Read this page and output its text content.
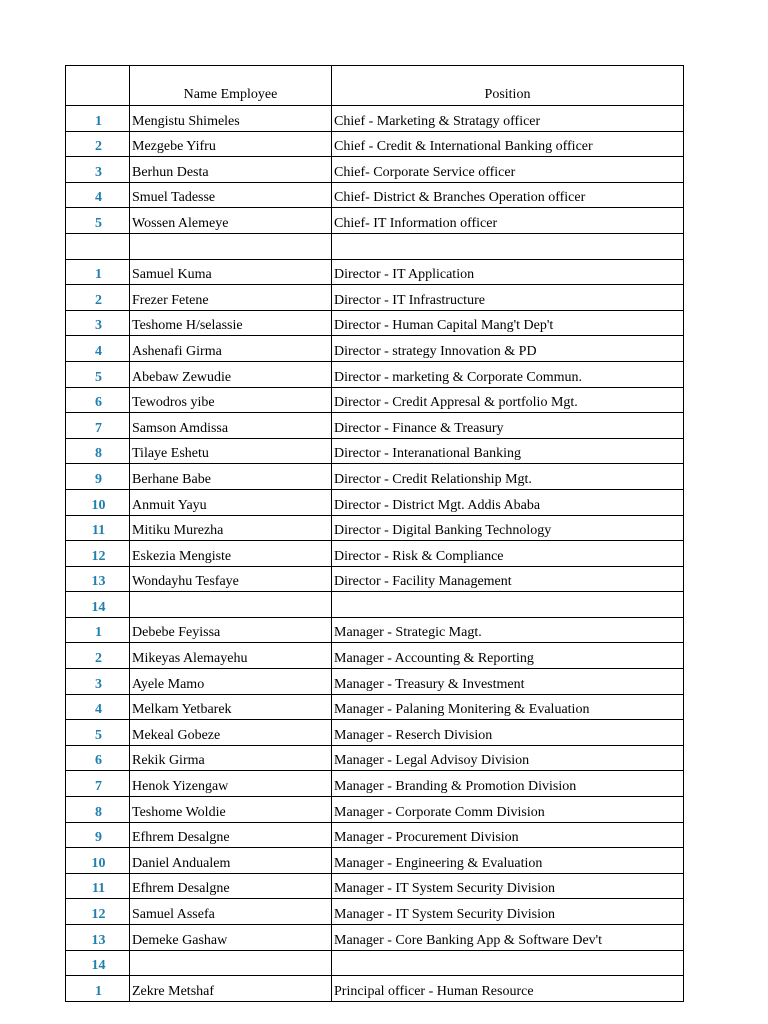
	Name Employee	Position
1	Mengistu Shimeles	Chief - Marketing & Stratagy officer
2	Mezgebe Yifru	Chief - Credit & International Banking officer
3	Berhun Desta	Chief- Corporate Service officer
4	Smuel Tadesse	Chief- District & Branches Operation officer
5	Wossen Alemeye	Chief- IT Information officer

1	Samuel Kuma	Director - IT Application
2	Frezer Fetene	Director - IT Infrastructure
3	Teshome H/selassie	Director - Human Capital Mang't Dep't
4	Ashenafi Girma	Director - strategy Innovation & PD
5	Abebaw Zewudie	Director - marketing & Corporate Commun.
6	Tewodros yibe	Director - Credit Appresal & portfolio Mgt.
7	Samson Amdissa	Director - Finance & Treasury
8	Tilaye Eshetu	Director - Interanational Banking
9	Berhane Babe	Director - Credit Relationship Mgt.
10	Anmuit Yayu	Director - District Mgt. Addis Ababa
11	Mitiku Murezha	Director - Digital Banking Technology
12	Eskezia Mengiste	Director - Risk & Compliance
13	Wondayhu Tesfaye	Director - Facility Management
14		
1	Debebe Feyissa	Manager - Strategic Magt.
2	Mikeyas Alemayehu	Manager - Accounting & Reporting
3	Ayele Mamo	Manager - Treasury & Investment
4	Melkam Yetbarek	Manager - Palaning Monitering & Evaluation
5	Mekeal Gobeze	Manager - Reserch Division
6	Rekik Girma	Manager - Legal Advisoy Division
7	Henok Yizengaw	Manager - Branding & Promotion Division
8	Teshome Woldie	Manager - Corporate Comm Division
9	Efhrem Desalgne	Manager - Procurement Division
10	Daniel Andualem	Manager - Engineering & Evaluation
11	Efhrem Desalgne	Manager - IT System Security Division
12	Samuel Assefa	Manager - IT System Security Division
13	Demeke Gashaw	Manager - Core Banking App & Software Dev't
14		
1	Zekre Metshaf	Principal officer - Human Resource
